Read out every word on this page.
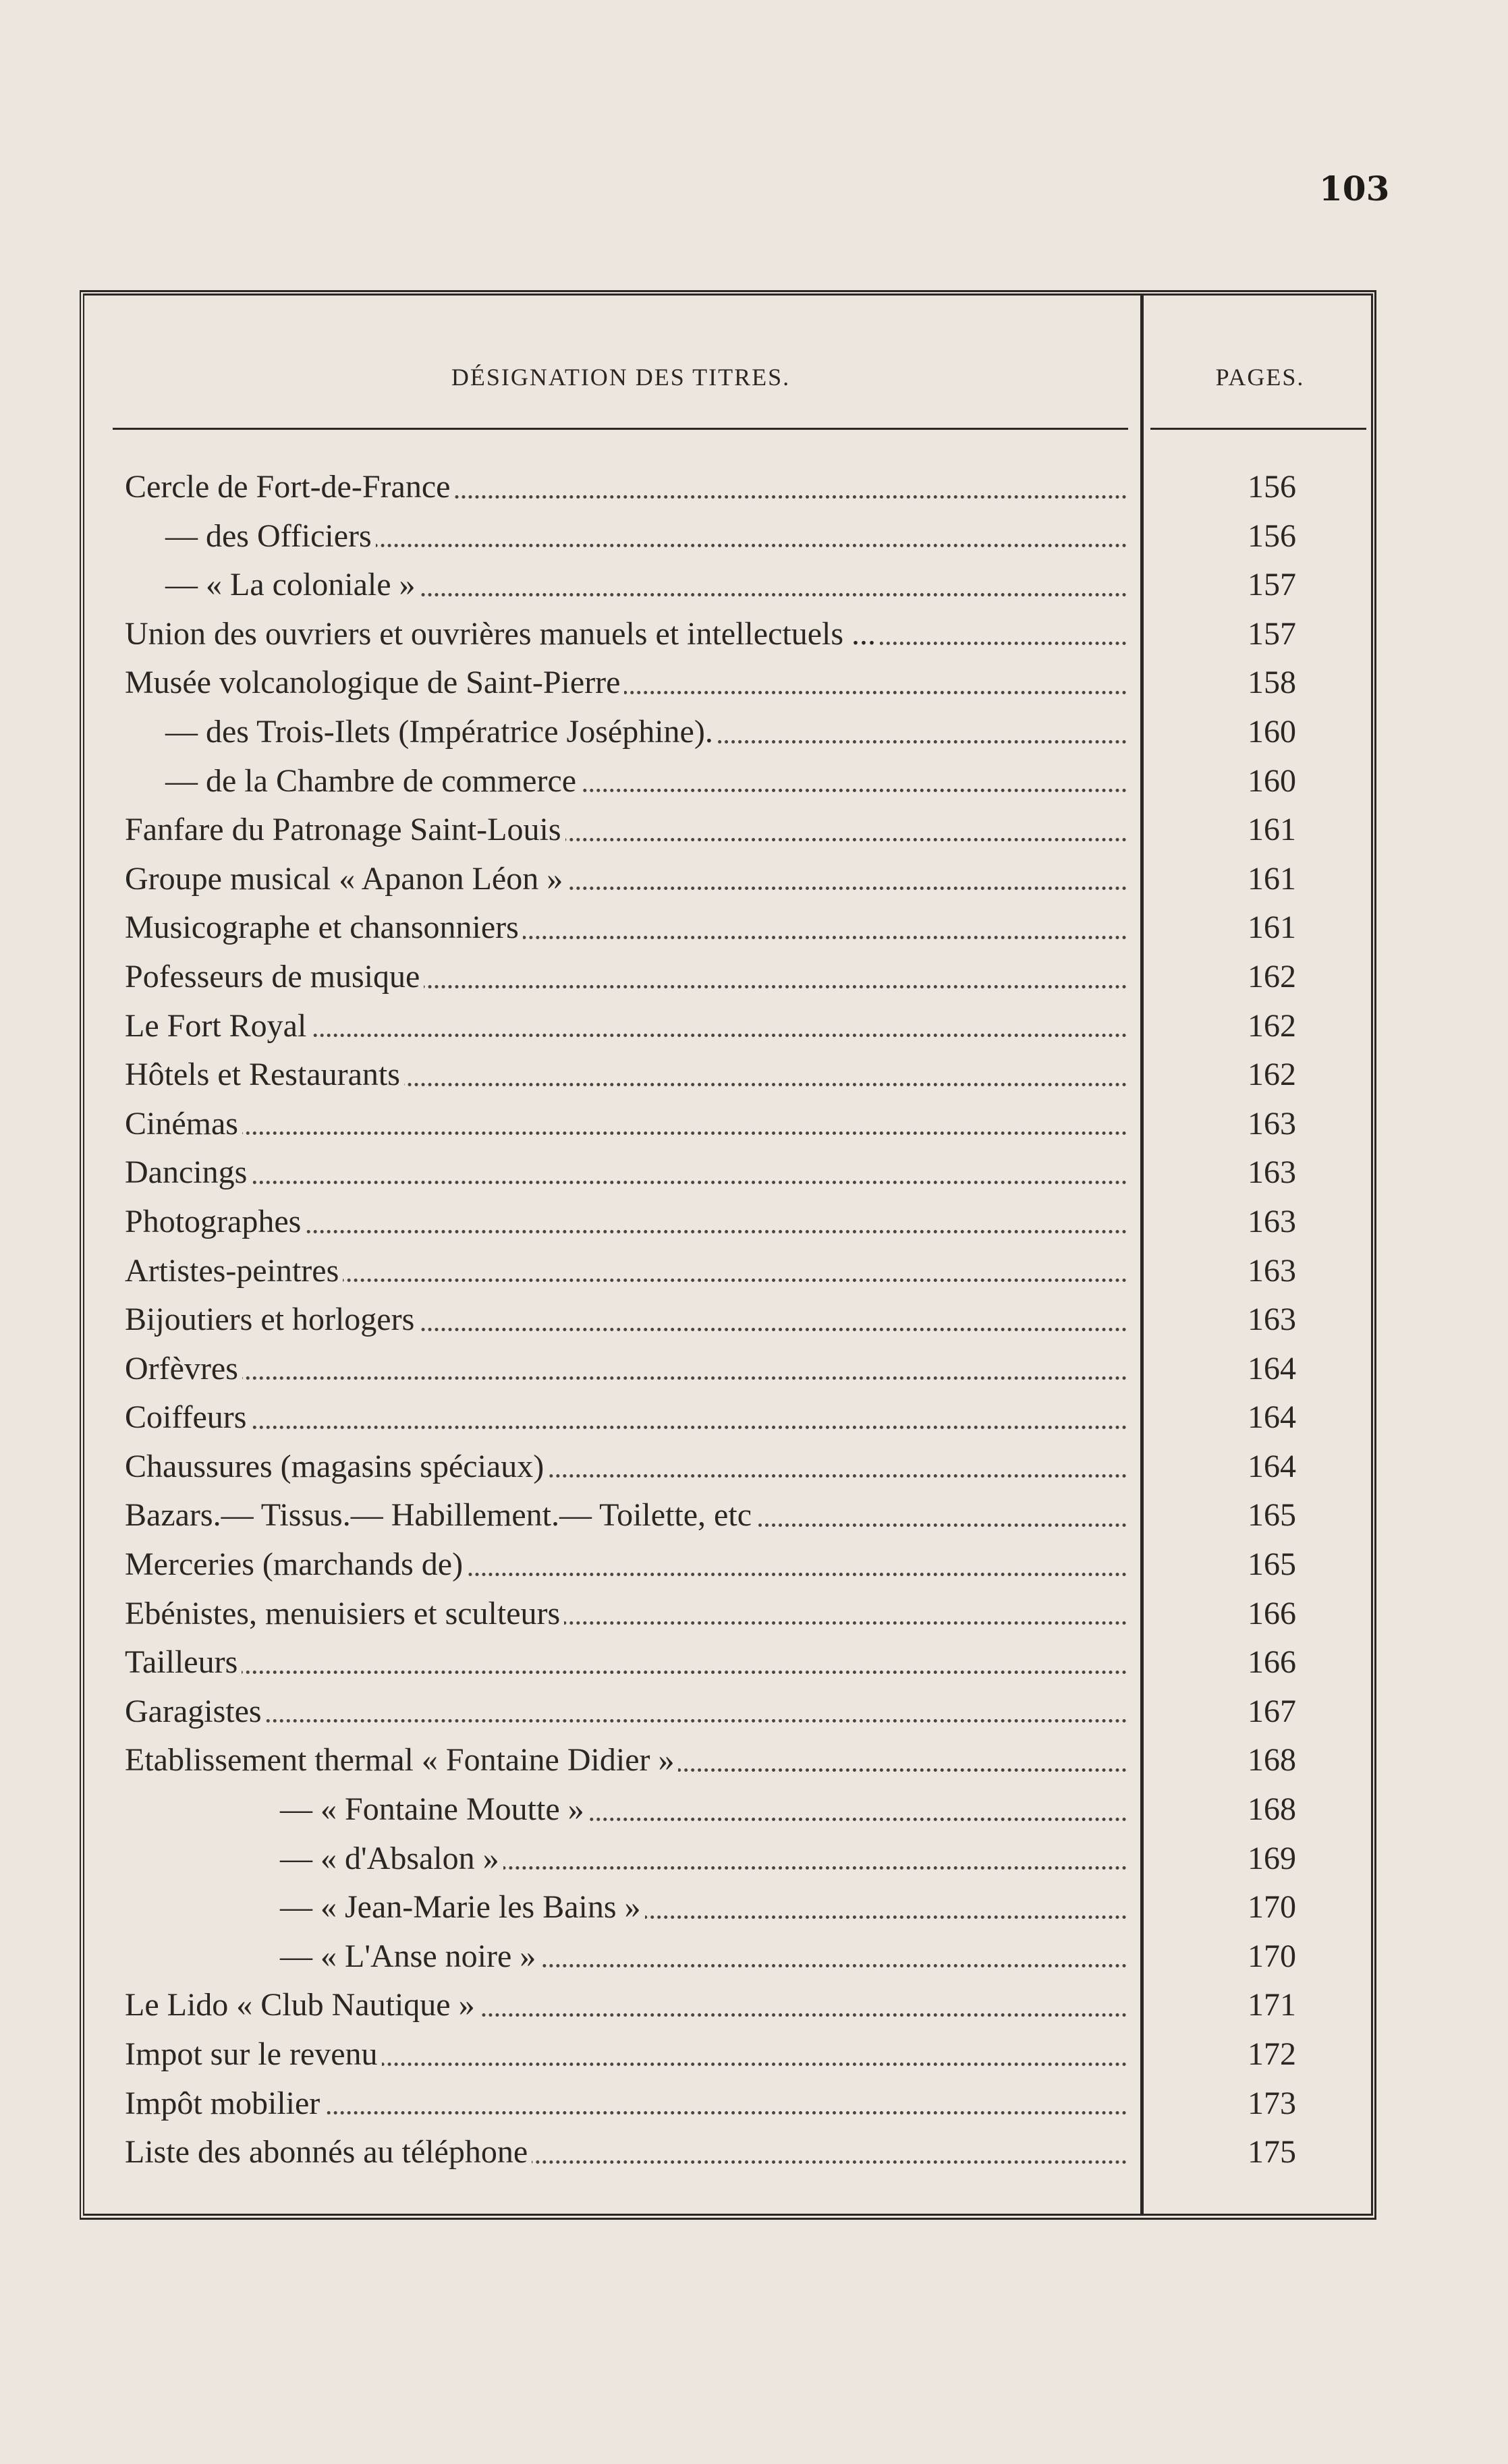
103
DÉSIGNATION DES TITRES.	PAGES.
Cercle de Fort-de-France	156
— des Officiers	156
— « La coloniale »	157
Union des ouvriers et ouvrières manuels et intellectuels ...	157
Musée volcanologique de Saint-Pierre	158
— des Trois-Ilets (Impératrice Joséphine).	160
— de la Chambre de commerce	160
Fanfare du Patronage Saint-Louis	161
Groupe musical « Apanon Léon »	161
Musicographe et chansonniers	161
Pofesseurs de musique	162
Le Fort Royal	162
Hôtels et Restaurants	162
Cinémas	163
Dancings	163
Photographes	163
Artistes-peintres	163
Bijoutiers et horlogers	163
Orfèvres	164
Coiffeurs	164
Chaussures (magasins spéciaux)	164
Bazars.— Tissus.— Habillement.— Toilette, etc	165
Merceries (marchands de)	165
Ebénistes, menuisiers et sculteurs	166
Tailleurs	166
Garagistes	167
Etablissement thermal « Fontaine Didier »	168
— « Fontaine Moutte »	168
— « d'Absalon »	169
— « Jean-Marie les Bains »	170
— « L'Anse noire »	170
Le Lido « Club Nautique »	171
Impot sur le revenu	172
Impôt mobilier	173
Liste des abonnés au téléphone	175
